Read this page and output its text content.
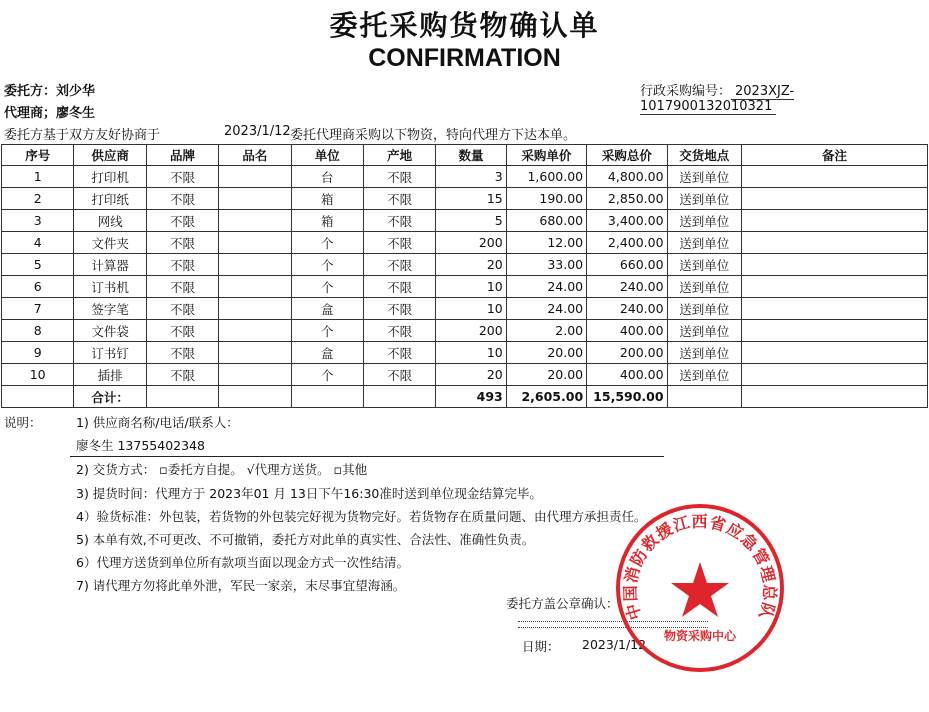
委托采购货物确认单
CONFIRMATION
委托方：刘少华	行政采购编号： 2023XJZ-1017900132010321
代理商；廖冬生
委托方基于双方友好协商于	2023/1/12 委托代理商采购以下物资，特向代理方下达本单。
序号	供应商	品牌	品名	单位	产地	数量	采购单价	采购总价	交货地点	备注
1	打印机	不限		台	不限	3	1,600.00	4,800.00	送到单位	
2	打印纸	不限		箱	不限	15	190.00	2,850.00	送到单位	
3	网线	不限		箱	不限	5	680.00	3,400.00	送到单位	
4	文件夹	不限		个	不限	200	12.00	2,400.00	送到单位	
5	计算器	不限		个	不限	20	33.00	660.00	送到单位	
6	订书机	不限		个	不限	10	24.00	240.00	送到单位	
7	签字笔	不限		盒	不限	10	24.00	240.00	送到单位	
8	文件袋	不限		个	不限	200	2.00	400.00	送到单位	
9	订书钉	不限		盒	不限	10	20.00	200.00	送到单位	
10	插排	不限		个	不限	20	20.00	400.00	送到单位	
	合计：					493	2,605.00	15,590.00		
说明：	1) 供应商名称/电话/联系人：
廖冬生 13755402348
2) 交货方式： ▫委托方自提。 √代理方送货。 ▫其他
3) 提货时间：代理方于 2023年01 月 13日下午16:30准时送到单位现金结算完毕。
4）验货标准：外包装，若货物的外包装完好视为货物完好。若货物存在质量问题、由代理方承担责任。
5) 本单有效,不可更改、不可撤销，委托方对此单的真实性、合法性、准确性负责。
6）代理方送货到单位所有款项当面以现金方式一次性结清。
7) 请代理方勿将此单外泄，军民一家亲，末尽事宜望海涵。
委托方盖公章确认：
日期： 2023/1/12
中国消防救援江西省应急管理总队
物资采购中心
